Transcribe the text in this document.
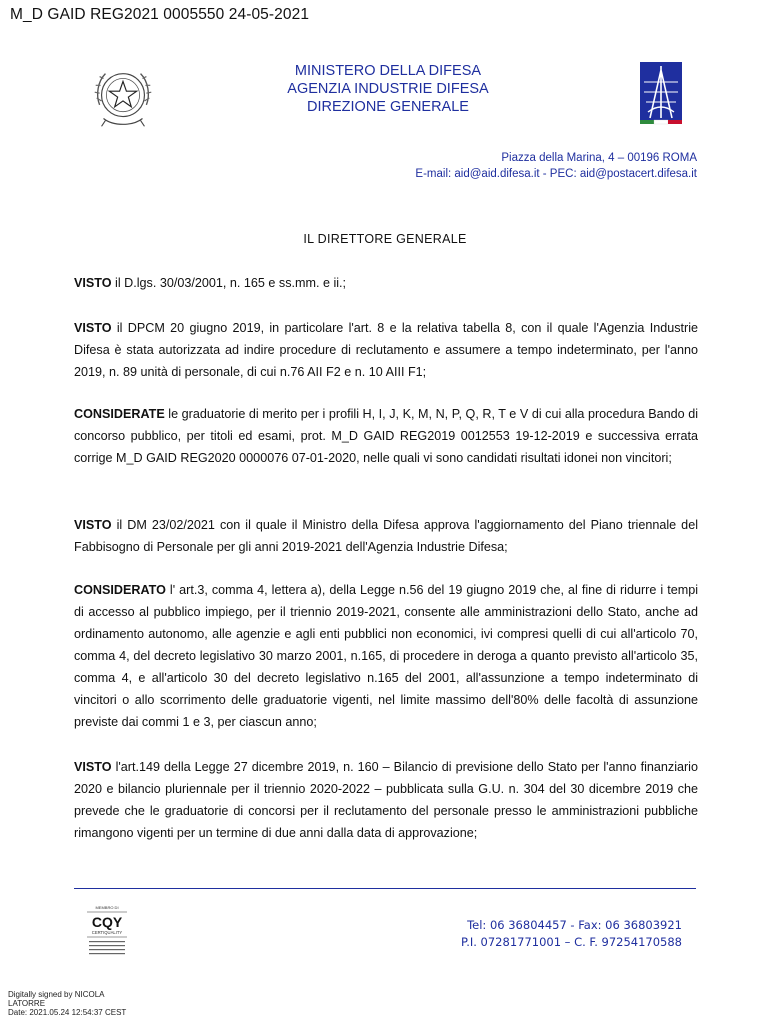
M_D GAID REG2021 0005550 24-05-2021
MINISTERO DELLA DIFESA
AGENZIA INDUSTRIE DIFESA
DIREZIONE GENERALE
Piazza della Marina, 4 – 00196 ROMA
E-mail: aid@aid.difesa.it - PEC: aid@postacert.difesa.it
IL DIRETTORE GENERALE
VISTO il D.lgs. 30/03/2001, n. 165 e ss.mm. e ii.;
VISTO il DPCM 20 giugno 2019, in particolare l'art. 8 e la relativa tabella 8, con il quale l'Agenzia Industrie Difesa è stata autorizzata ad indire procedure di reclutamento e assumere a tempo indeterminato, per l'anno 2019, n. 89 unità di personale, di cui n.76 AII F2 e n. 10 AIII F1;
CONSIDERATE le graduatorie di merito per i profili H, I, J, K, M, N, P, Q, R, T e V di cui alla procedura Bando di concorso pubblico, per titoli ed esami, prot. M_D GAID REG2019 0012553 19-12-2019 e successiva errata corrige M_D GAID REG2020 0000076 07-01-2020, nelle quali vi sono candidati risultati idonei non vincitori;
VISTO il DM 23/02/2021 con il quale il Ministro della Difesa approva l'aggiornamento del Piano triennale del Fabbisogno di Personale per gli anni 2019-2021 dell'Agenzia Industrie Difesa;
CONSIDERATO l' art.3, comma 4, lettera a), della Legge n.56 del 19 giugno 2019 che, al fine di ridurre i tempi di accesso al pubblico impiego, per il triennio 2019-2021, consente alle amministrazioni dello Stato, anche ad ordinamento autonomo, alle agenzie e agli enti pubblici non economici, ivi compresi quelli di cui all'articolo 70, comma 4, del decreto legislativo 30 marzo 2001, n.165, di procedere in deroga a quanto previsto all'articolo 35, comma 4, e all'articolo 30 del decreto legislativo n.165 del 2001, all'assunzione a tempo indeterminato di vincitori o allo scorrimento delle graduatorie vigenti, nel limite massimo dell'80% delle facoltà di assunzione previste dai commi 1 e 3, per ciascun anno;
VISTO l'art.149 della Legge 27 dicembre 2019, n. 160 – Bilancio di previsione dello Stato per l'anno finanziario 2020 e bilancio pluriennale per il triennio 2020-2022 – pubblicata sulla G.U. n. 304 del 30 dicembre 2019 che prevede che le graduatorie di concorsi per il reclutamento del personale presso le amministrazioni pubbliche rimangono vigenti per un termine di due anni dalla data di approvazione;
MEMBRO DI
CQY
CERTIQUALITY
Tel: 06 36804457 - Fax: 06 36803921
P.I. 07281771001 – C. F. 97254170588
Digitally signed by NICOLA
LATORRE
Date: 2021.05.24 12:54:37 CEST
